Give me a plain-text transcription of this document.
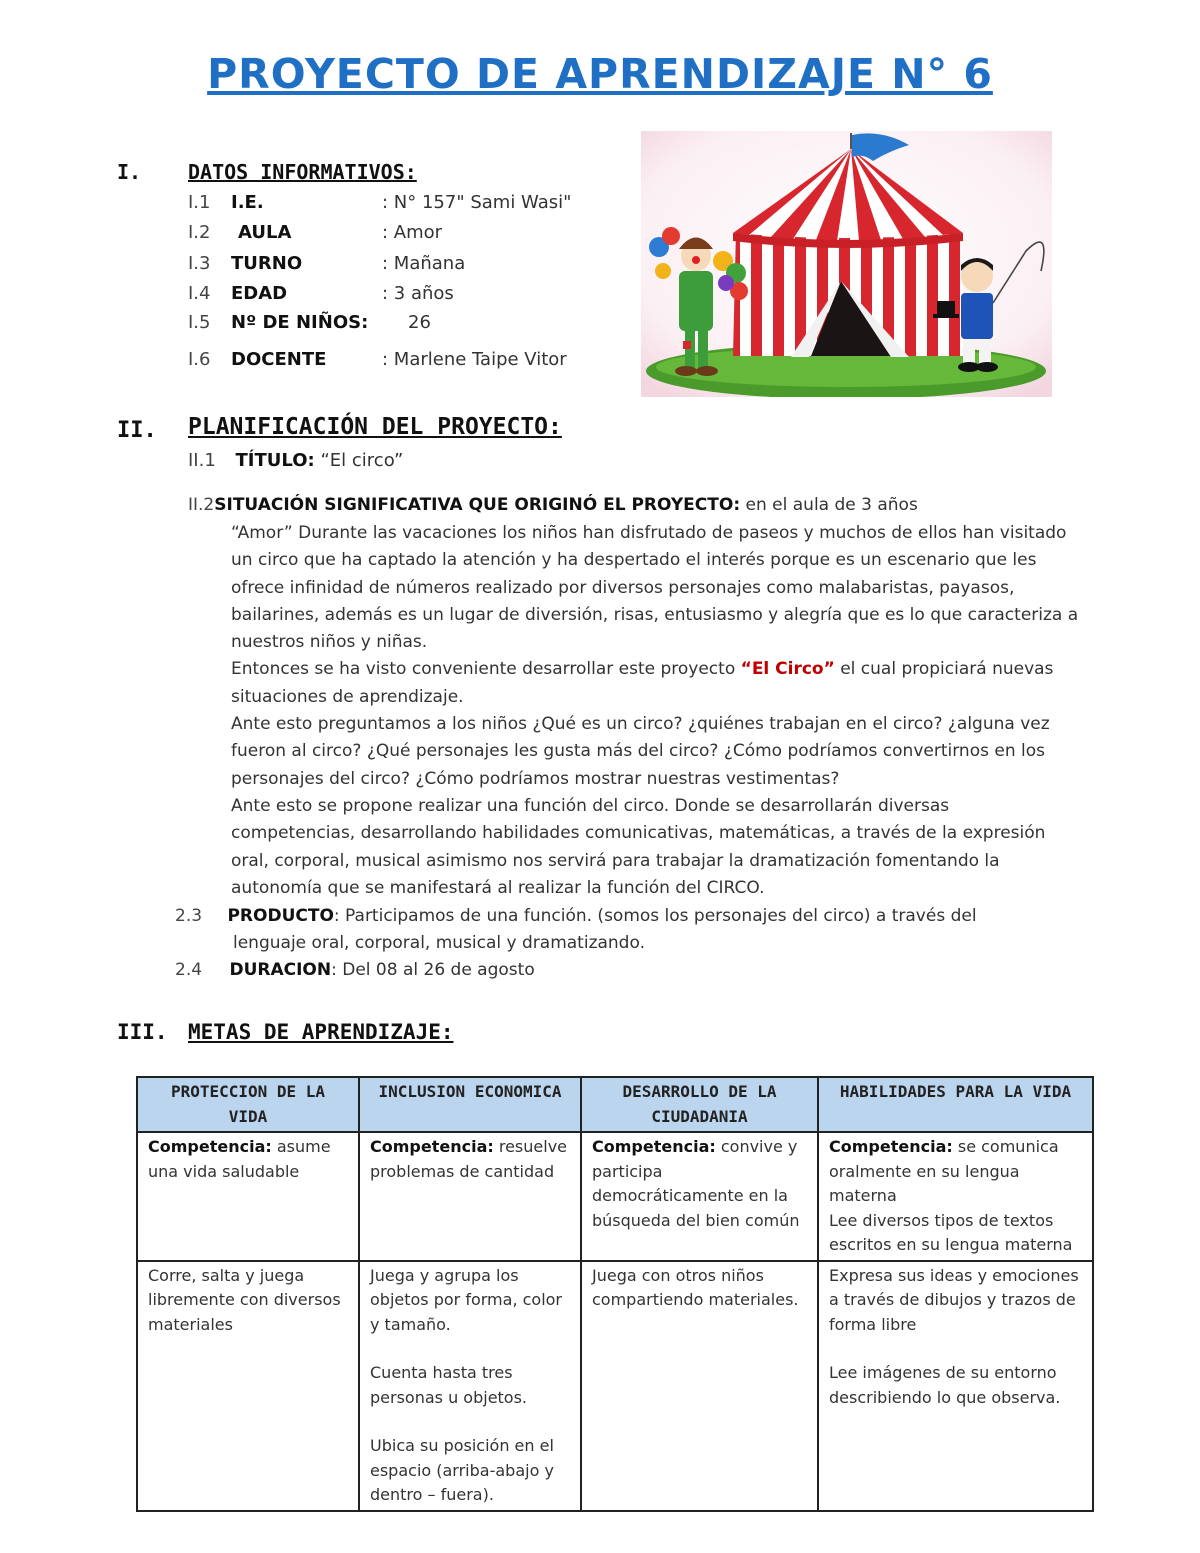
PROYECTO DE APRENDIZAJE N° 6
I. DATOS INFORMATIVOS:
I.1 I.E.	: N° 157" Sami Wasi"
I.2 AULA	: Amor
I.3 TURNO	: Mañana
I.4 EDAD	: 3 años
I.5 Nº DE NIÑOS: 26
I.6 DOCENTE	: Marlene Taipe Vitor
II. PLANIFICACIÓN DEL PROYECTO:
II.1 TÍTULO: “El circo”
II.2SITUACIÓN SIGNIFICATIVA QUE ORIGINÓ EL PROYECTO: en el aula de 3 años
“Amor” Durante las vacaciones los niños han disfrutado de paseos y muchos de ellos han visitado
un circo que ha captado la atención y ha despertado el interés porque es un escenario que les
ofrece infinidad de números realizado por diversos personajes como malabaristas, payasos,
bailarines, además es un lugar de diversión, risas, entusiasmo y alegría que es lo que caracteriza a
nuestros niños y niñas.
Entonces se ha visto conveniente desarrollar este proyecto “El Circo” el cual propiciará nuevas
situaciones de aprendizaje.
Ante esto preguntamos a los niños ¿Qué es un circo? ¿quiénes trabajan en el circo? ¿alguna vez
fueron al circo? ¿Qué personajes les gusta más del circo? ¿Cómo podríamos convertirnos en los
personajes del circo? ¿Cómo podríamos mostrar nuestras vestimentas?
Ante esto se propone realizar una función del circo. Donde se desarrollarán diversas
competencias, desarrollando habilidades comunicativas, matemáticas, a través de la expresión
oral, corporal, musical asimismo nos servirá para trabajar la dramatización fomentando la
autonomía que se manifestará al realizar la función del CIRCO.
2.3 PRODUCTO: Participamos de una función. (somos los personajes del circo) a través del
lenguaje oral, corporal, musical y dramatizando.
2.4 DURACION: Del 08 al 26 de agosto
III. METAS DE APRENDIZAJE:
PROTECCION DE LA VIDA	INCLUSION ECONOMICA	DESARROLLO DE LA CIUDADANIA	HABILIDADES PARA LA VIDA
Competencia: asume una vida saludable	Competencia: resuelve problemas de cantidad	Competencia: convive y participa democráticamente en la búsqueda del bien común	Competencia: se comunica oralmente en su lengua materna
Lee diversos tipos de textos escritos en su lengua materna
Corre, salta y juega libremente con diversos materiales	Juega y agrupa los objetos por forma, color y tamaño.
Cuenta hasta tres personas u objetos.
Ubica su posición en el espacio (arriba-abajo y dentro – fuera).	Juega con otros niños compartiendo materiales.	Expresa sus ideas y emociones a través de dibujos y trazos de forma libre
Lee imágenes de su entorno describiendo lo que observa.
